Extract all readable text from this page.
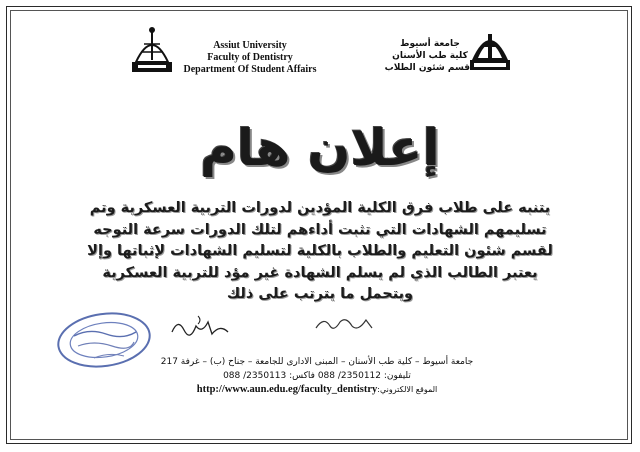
Assiut University
Faculty of Dentistry
Department Of Student Affairs
جامعة أسيوط
كلية طب الأسنان
قسم شئون الطلاب
إعلان هام
يتنبه على طلاب فرق الكلية المؤدين لدورات التربية العسكرية وتم
تسليمهم الشهادات التي تثبت أداءهم لتلك الدورات سرعة التوجه
لقسم شئون التعليم والطلاب بالكلية لتسليم الشهادات لإثباتها وإلا
يعتبر الطالب الذي لم يسلم الشهادة غير مؤد للتربية العسكرية
ويتحمل ما يترتب على ذلك
جامعة أسيوط – كلية طب الأسنان – المبنى الادارى للجامعة – جناح (ب) – غرفة 217
تليفون: 2350112/ 088 فاكس: 2350113/ 088
الموقع الالكتروني:http://www.aun.edu.eg/faculty_dentistry
